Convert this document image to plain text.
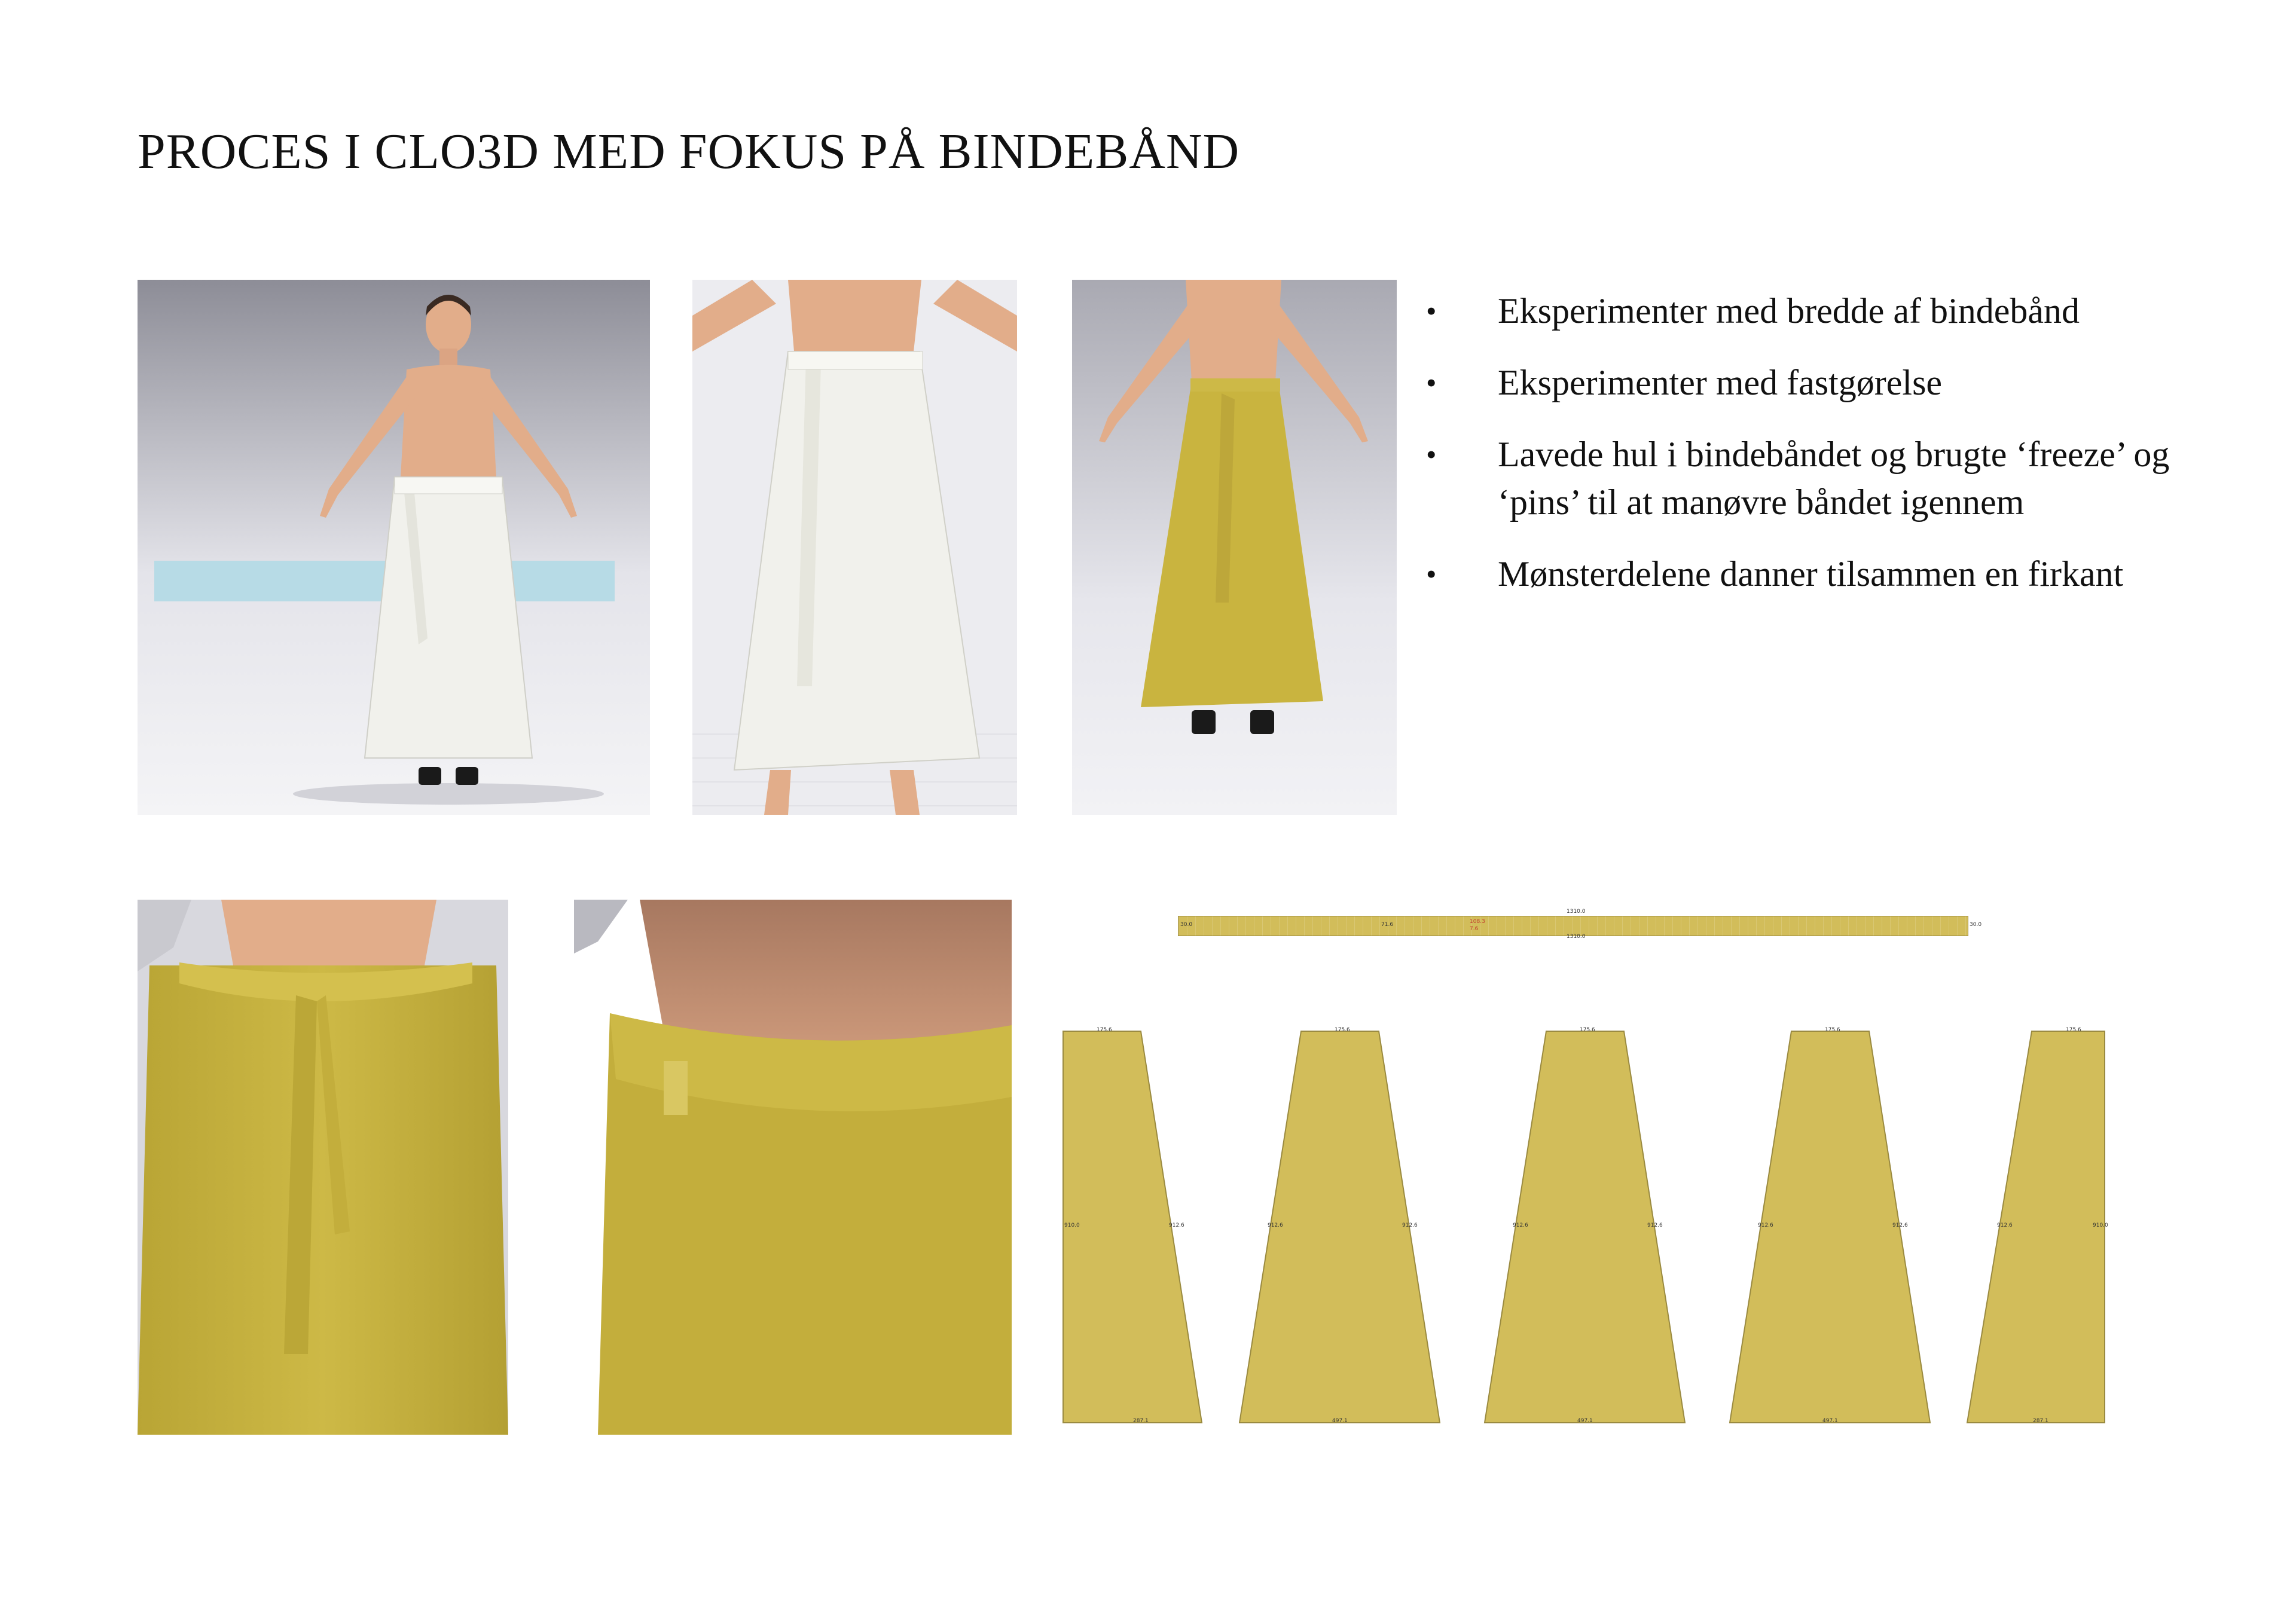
PROCES I CLO3D MED FOKUS PÅ BINDEBÅND
• Eksperimenter med bredde af bindebånd
• Eksperimenter med fastgørelse
• Lavede hul i bindebåndet og brugte ‘freeze’ og ‘pins’ til at manøvre båndet igennem
• Mønsterdelene danner tilsammen en firkant
1310.0
1310.0
30.0	30.0
71.6	108.3
7.6
175.6
910.0	912.6
287.1
175.6
912.6	912.6
497.1
175.6
912.6	912.6
497.1
175.6
912.6	912.6
497.1
175.6
912.6	910.0
287.1
